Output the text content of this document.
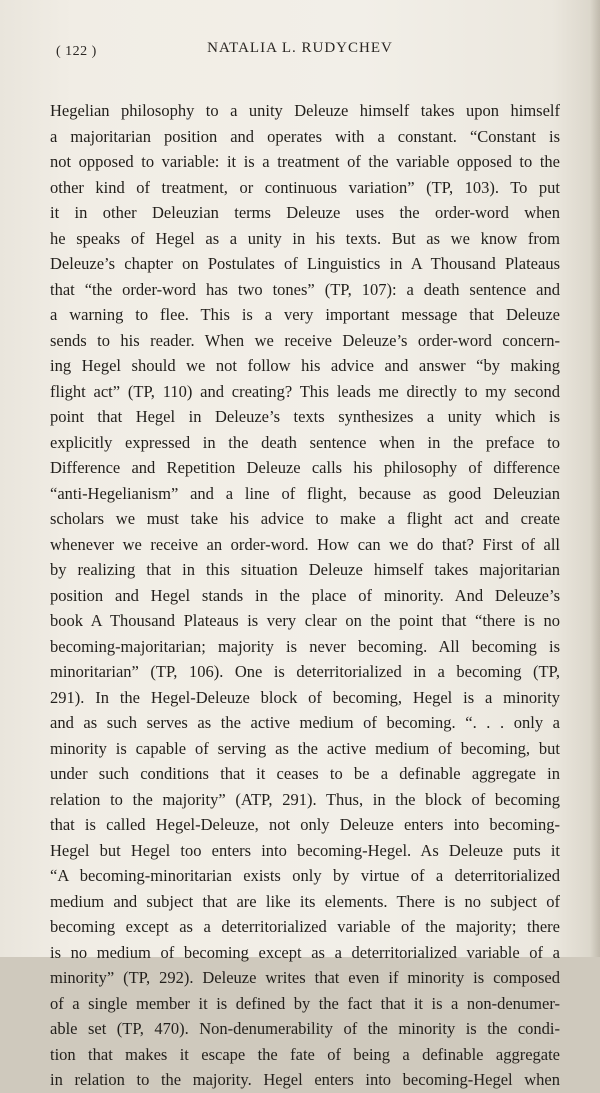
( 122 )	NATALIA L. RUDYCHEV
Hegelian philosophy to a unity Deleuze himself takes upon himself
a majoritarian position and operates with a constant. “Constant is
not opposed to variable: it is a treatment of the variable opposed to the
other kind of treatment, or continuous variation” (TP, 103). To put
it in other Deleuzian terms Deleuze uses the order-word when
he speaks of Hegel as a unity in his texts. But as we know from
Deleuze’s chapter on Postulates of Linguistics in A Thousand Plateaus
that “the order-word has two tones” (TP, 107): a death sentence and
a warning to flee. This is a very important message that Deleuze
sends to his reader. When we receive Deleuze’s order-word concern-
ing Hegel should we not follow his advice and answer “by making
flight act” (TP, 110) and creating? This leads me directly to my second
point that Hegel in Deleuze’s texts synthesizes a unity which is
explicitly expressed in the death sentence when in the preface to
Difference and Repetition Deleuze calls his philosophy of difference
“anti-Hegelianism” and a line of flight, because as good Deleuzian
scholars we must take his advice to make a flight act and create
whenever we receive an order-word. How can we do that? First of all
by realizing that in this situation Deleuze himself takes majoritarian
position and Hegel stands in the place of minority. And Deleuze’s
book A Thousand Plateaus is very clear on the point that “there is no
becoming-majoritarian; majority is never becoming. All becoming is
minoritarian” (TP, 106). One is deterritorialized in a becoming (TP,
291). In the Hegel-Deleuze block of becoming, Hegel is a minority
and as such serves as the active medium of becoming. “. . . only a
minority is capable of serving as the active medium of becoming, but
under such conditions that it ceases to be a definable aggregate in
relation to the majority” (ATP, 291). Thus, in the block of becoming
that is called Hegel-Deleuze, not only Deleuze enters into becoming-
Hegel but Hegel too enters into becoming-Hegel. As Deleuze puts it
“A becoming-minoritarian exists only by virtue of a deterritorialized
medium and subject that are like its elements. There is no subject of
becoming except as a deterritorialized variable of the majority; there
is no medium of becoming except as a deterritorialized variable of a
minority” (TP, 292). Deleuze writes that even if minority is composed
of a single member it is defined by the fact that it is a non-denumer-
able set (TP, 470). Non-denumerability of the minority is the condi-
tion that makes it escape the fate of being a definable aggregate
in relation to the majority. Hegel enters into becoming-Hegel when
